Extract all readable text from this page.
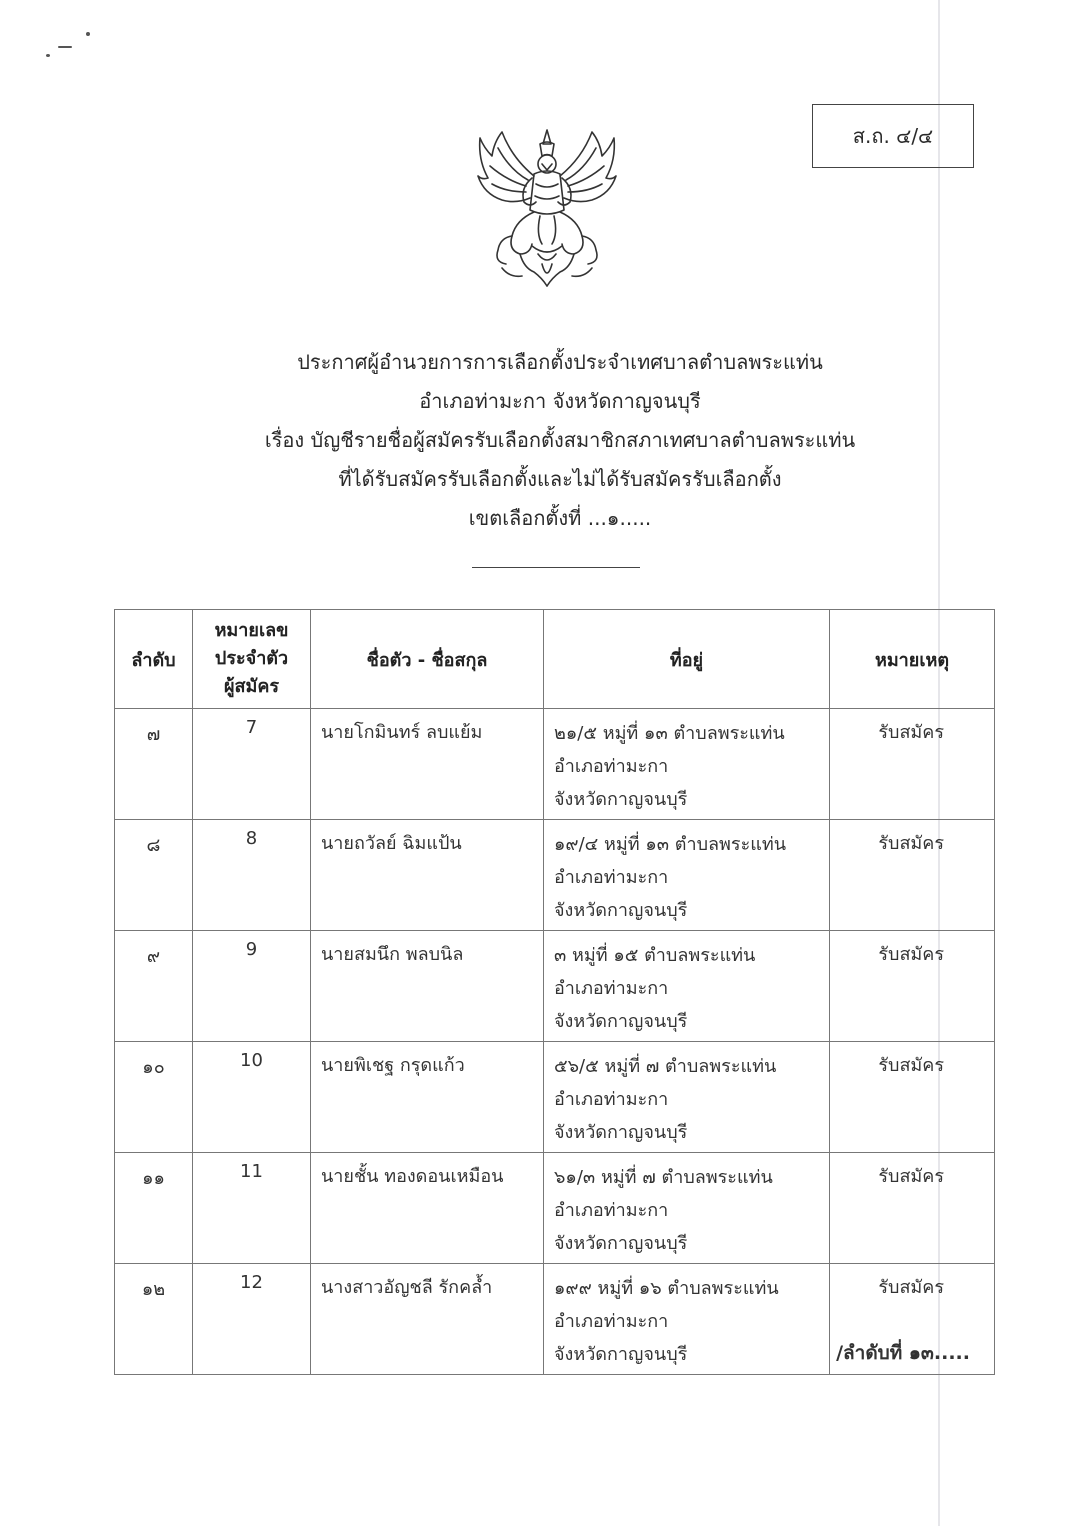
ส.ถ. ๔/๔
ประกาศผู้อำนวยการการเลือกตั้งประจำเทศบาลตำบลพระแท่น
อำเภอท่ามะกา จังหวัดกาญจนบุรี
เรื่อง บัญชีรายชื่อผู้สมัครรับเลือกตั้งสมาชิกสภาเทศบาลตำบลพระแท่น
ที่ได้รับสมัครรับเลือกตั้งและไม่ได้รับสมัครรับเลือกตั้ง
เขตเลือกตั้งที่ ...๑.....
ลำดับ	หมายเลข
ประจำตัว
ผู้สมัคร	ชื่อตัว - ชื่อสกุล	ที่อยู่	หมายเหตุ
๗	7	นายโกมินทร์ ลบแย้ม	๒๑/๕ หมู่ที่ ๑๓ ตำบลพระแท่น
อำเภอท่ามะกา
จังหวัดกาญจนบุรี	รับสมัคร
๘	8	นายถวัลย์ ฉิมแป้น	๑๙/๔ หมู่ที่ ๑๓ ตำบลพระแท่น
อำเภอท่ามะกา
จังหวัดกาญจนบุรี	รับสมัคร
๙	9	นายสมนึก พลบนิล	๓ หมู่ที่ ๑๕ ตำบลพระแท่น
อำเภอท่ามะกา
จังหวัดกาญจนบุรี	รับสมัคร
๑๐	10	นายพิเชฐ กรุดแก้ว	๕๖/๕ หมู่ที่ ๗ ตำบลพระแท่น
อำเภอท่ามะกา
จังหวัดกาญจนบุรี	รับสมัคร
๑๑	11	นายชั้น ทองดอนเหมือน	๖๑/๓ หมู่ที่ ๗ ตำบลพระแท่น
อำเภอท่ามะกา
จังหวัดกาญจนบุรี	รับสมัคร
๑๒	12	นางสาวอัญชลี รักคล้ำ	๑๙๙ หมู่ที่ ๑๖ ตำบลพระแท่น
อำเภอท่ามะกา
จังหวัดกาญจนบุรี	รับสมัคร
/ลำดับที่ ๑๓.....
